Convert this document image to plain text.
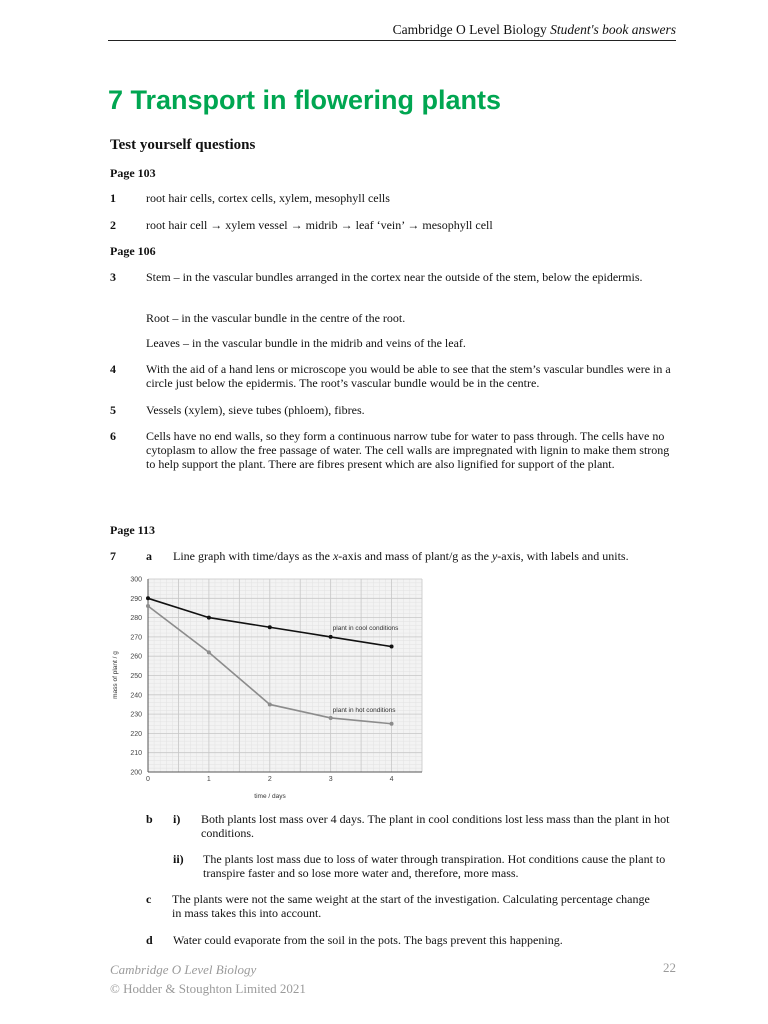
Cambridge O Level Biology Student's book answers
7 Transport in flowering plants
Test yourself questions
Page 103
1	root hair cells, cortex cells, xylem, mesophyll cells
2	root hair cell → xylem vessel → midrib → leaf ‘vein’ → mesophyll cell
Page 106
3	Stem – in the vascular bundles arranged in the cortex near the outside of the stem, below the epidermis.
Root – in the vascular bundle in the centre of the root.
Leaves – in the vascular bundle in the midrib and veins of the leaf.
4	With the aid of a hand lens or microscope you would be able to see that the stem’s vascular bundles were in a circle just below the epidermis. The root’s vascular bundle would be in the centre.
5	Vessels (xylem), sieve tubes (phloem), fibres.
6	Cells have no end walls, so they form a continuous narrow tube for water to pass through. The cells have no cytoplasm to allow the free passage of water. The cell walls are impregnated with lignin to make them strong to help support the plant. There are fibres present which are also lignified for support of the plant.
Page 113
7	a Line graph with time/days as the x-axis and mass of plant/g as the y-axis, with labels and units.
200
210
220
230
240
250
260
270
280
290
300
0	1	2	3	4
plant in cool conditions
plant in hot conditions
time / days
mass of plant / g
b i) Both plants lost mass over 4 days. The plant in cool conditions lost less mass than the plant in hot conditions.
ii) The plants lost mass due to loss of water through transpiration. Hot conditions cause the plant to transpire faster and so lose more water and, therefore, more mass.
c The plants were not the same weight at the start of the investigation. Calculating percentage change in mass takes this into account.
d Water could evaporate from the soil in the pots. The bags prevent this happening.
Cambridge O Level Biology
© Hodder & Stoughton Limited 2021
22
